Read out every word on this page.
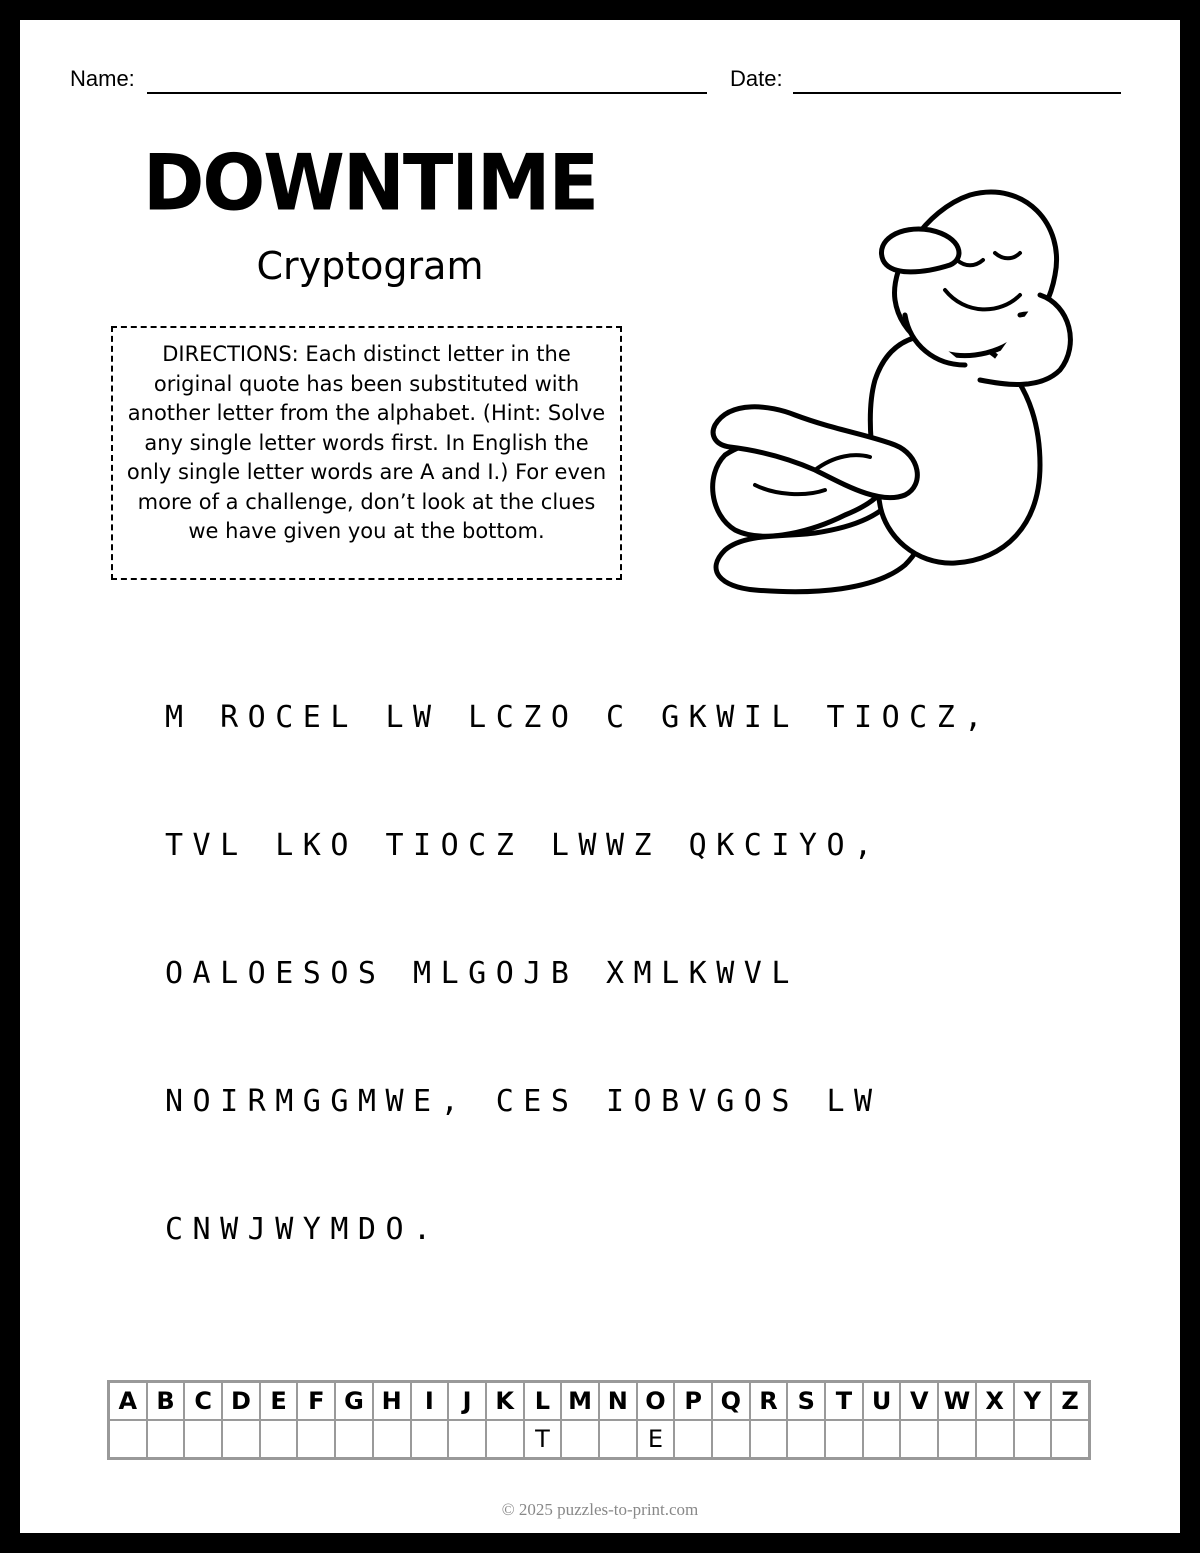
Name:	Date:
DOWNTIME
Cryptogram
DIRECTIONS: Each distinct letter in the original quote has been substituted with another letter from the alphabet. (Hint: Solve any single letter words first. In English the only single letter words are A and I.) For even more of a challenge, don’t look at the clues we have given you at the bottom.
M ROCEL LW LCZO C GKWIL TIOCZ,
TVL LKO TIOCZ LWWZ QKCIYO,
OALOESOS MLGOJB XMLKWVL
NOIRMGGMWE, CES IOBVGOS LW
CNWJWYMDO.
A	B	C	D	E	F	G	H	I	J	K	L	M	N	O	P	Q	R	S	T	U	V	W	X	Y	Z
											T			E											
© 2025 puzzles-to-print.com
